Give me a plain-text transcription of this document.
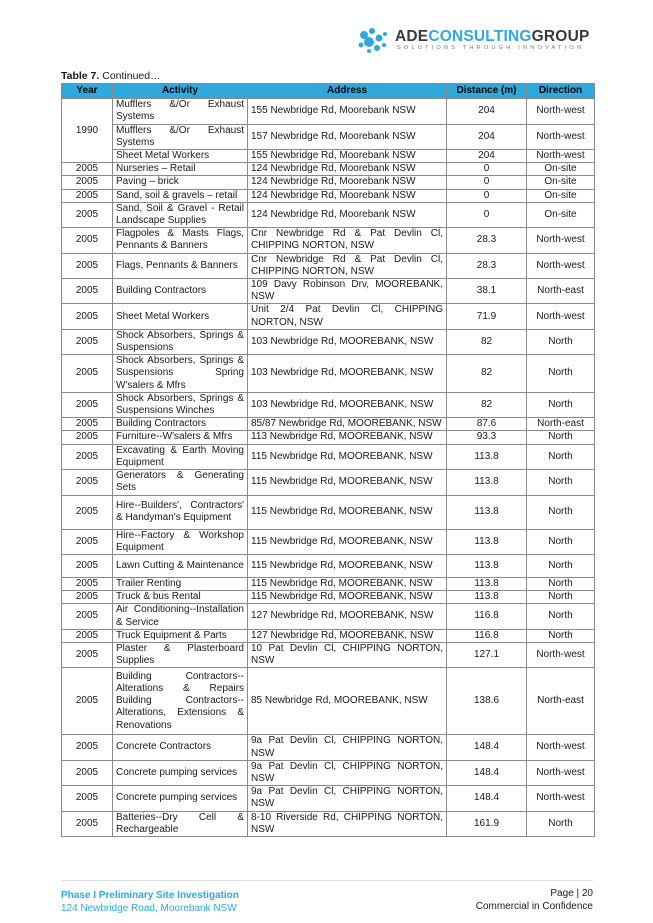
ADECONSULTINGGROUP
SOLUTIONS THROUGH INNOVATION
Table 7. Continued…
Year	Activity	Address	Distance (m)	Direction
1990	Mufflers &/Or Exhaust Systems	155 Newbridge Rd, Moorebank NSW	204	North-west
	Mufflers &/Or Exhaust Systems	157 Newbridge Rd, Moorebank NSW	204	North-west
	Sheet Metal Workers	155 Newbridge Rd, Moorebank NSW	204	North-west
2005	Nurseries – Retail	124 Newbridge Rd, Moorebank NSW	0	On-site
2005	Paving – brick	124 Newbridge Rd, Moorebank NSW	0	On-site
2005	Sand, soil & gravels – retail	124 Newbridge Rd, Moorebank NSW	0	On-site
2005	Sand, Soil & Gravel - Retail Landscape Supplies	124 Newbridge Rd, Moorebank NSW	0	On-site
2005	Flagpoles & Masts Flags, Pennants & Banners	Cnr Newbridge Rd & Pat Devlin Cl, CHIPPING NORTON, NSW	28.3	North-west
2005	Flags, Pennants & Banners	Cnr Newbridge Rd & Pat Devlin Cl, CHIPPING NORTON, NSW	28.3	North-west
2005	Building Contractors	109 Davy Robinson Drv, MOOREBANK, NSW	38.1	North-east
2005	Sheet Metal Workers	Unit 2/4 Pat Devlin Cl, CHIPPING NORTON, NSW	71.9	North-west
2005	Shock Absorbers, Springs & Suspensions	103 Newbridge Rd, MOOREBANK, NSW	82	North
2005	Shock Absorbers, Springs & Suspensions Spring W'salers & Mfrs	103 Newbridge Rd, MOOREBANK, NSW	82	North
2005	Shock Absorbers, Springs & Suspensions Winches	103 Newbridge Rd, MOOREBANK, NSW	82	North
2005	Building Contractors	85/87 Newbridge Rd, MOOREBANK, NSW	87.6	North-east
2005	Furniture--W'salers & Mfrs	113 Newbridge Rd, MOOREBANK, NSW	93.3	North
2005	Excavating & Earth Moving Equipment	115 Newbridge Rd, MOOREBANK, NSW	113.8	North
2005	Generators & Generating Sets	115 Newbridge Rd, MOOREBANK, NSW	113.8	North
2005	Hire--Builders', Contractors' & Handyman's Equipment	115 Newbridge Rd, MOOREBANK, NSW	113.8	North
2005	Hire--Factory & Workshop Equipment	115 Newbridge Rd, MOOREBANK, NSW	113.8	North
2005	Lawn Cutting & Maintenance	115 Newbridge Rd, MOOREBANK, NSW	113.8	North
2005	Trailer Renting	115 Newbridge Rd, MOOREBANK, NSW	113.8	North
2005	Truck & bus Rental	115 Newbridge Rd, MOOREBANK, NSW	113.8	North
2005	Air Conditioning--Installation & Service	127 Newbridge Rd, MOOREBANK, NSW	116.8	North
2005	Truck Equipment & Parts	127 Newbridge Rd, MOOREBANK, NSW	116.8	North
2005	Plaster & Plasterboard Supplies	10 Pat Devlin Cl, CHIPPING NORTON, NSW	127.1	North-west
2005	Building Contractors--Alterations & Repairs Building Contractors--Alterations, Extensions & Renovations	85 Newbridge Rd, MOOREBANK, NSW	138.6	North-east
2005	Concrete Contractors	9a Pat Devlin Cl, CHIPPING NORTON, NSW	148.4	North-west
2005	Concrete pumping services	9a Pat Devlin Cl, CHIPPING NORTON, NSW	148.4	North-west
2005	Concrete pumping services	9a Pat Devlin Cl, CHIPPING NORTON, NSW	148.4	North-west
2005	Batteries--Dry Cell & Rechargeable	8-10 Riverside Rd, CHIPPING NORTON, NSW	161.9	North
Phase I Preliminary Site Investigation
124 Newbridge Road, Moorebank NSW
Page | 20
Commercial in Confidence
